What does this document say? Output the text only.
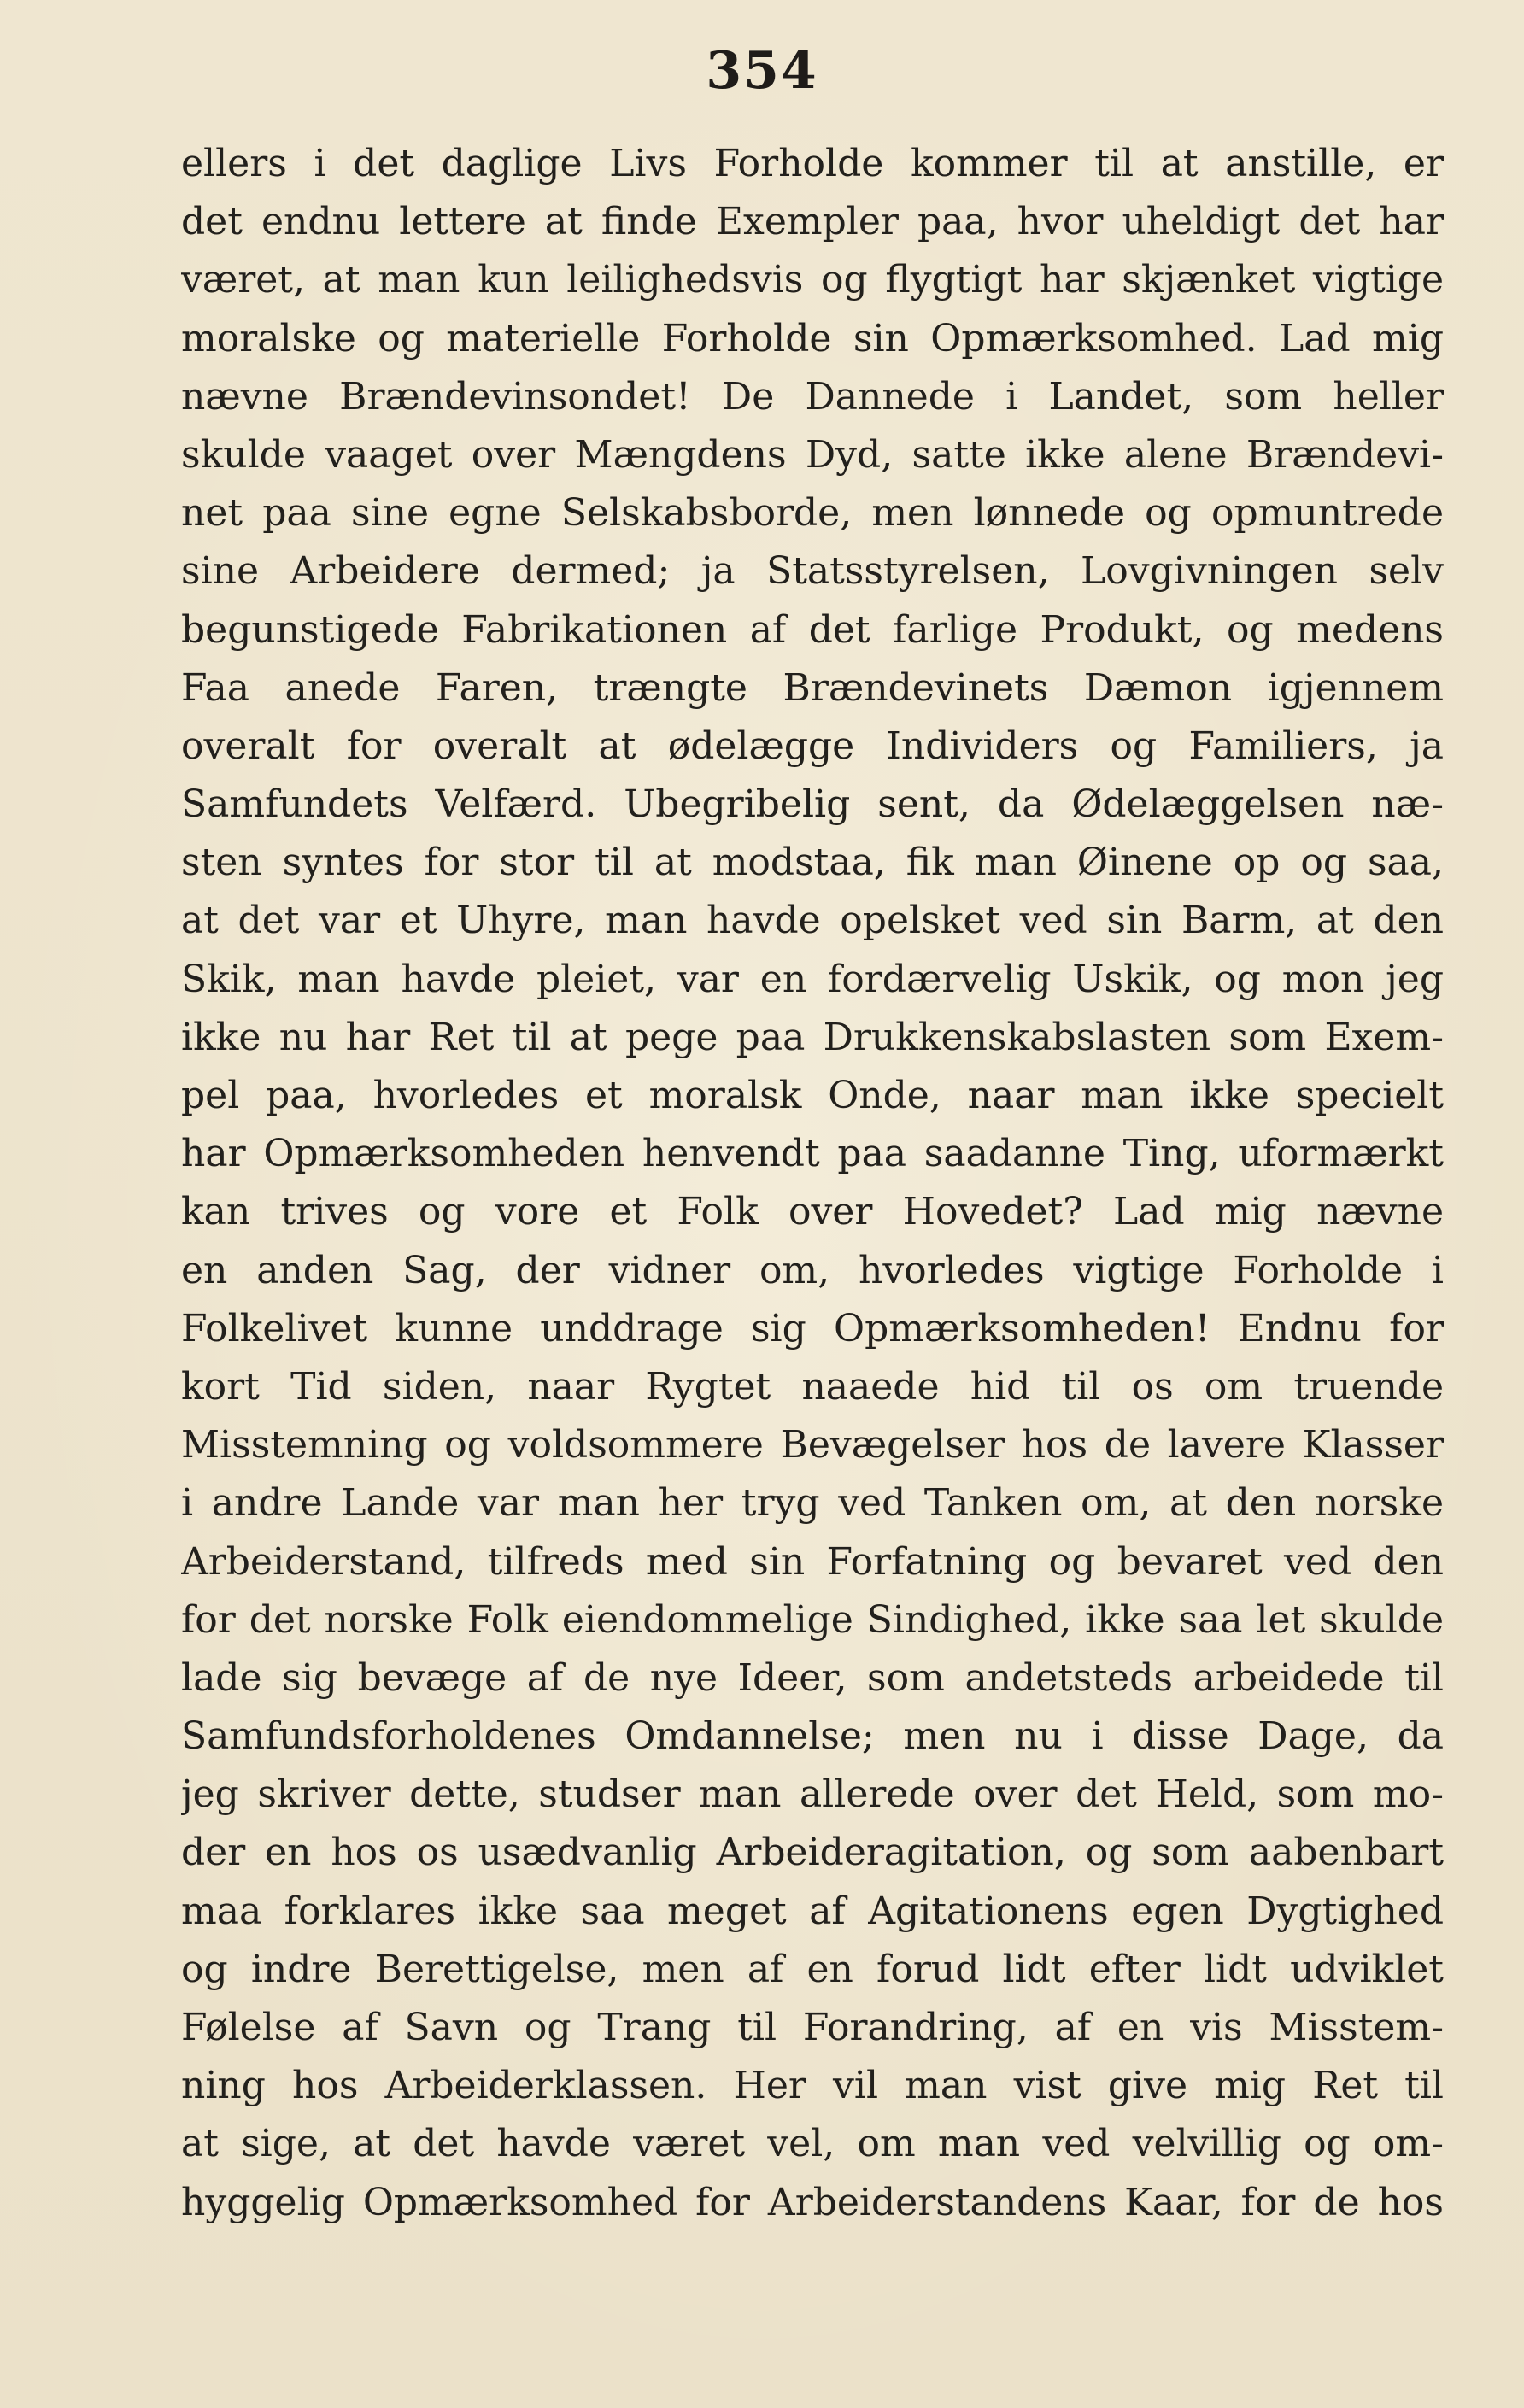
354
ellers i det daglige Livs Forholde kommer til at anstille, er
det endnu lettere at finde Exempler paa, hvor uheldigt det har
været, at man kun leilighedsvis og flygtigt har skjænket vigtige
moralske og materielle Forholde sin Opmærksomhed. Lad mig
nævne Brændevinsondet! De Dannede i Landet, som heller
skulde vaaget over Mængdens Dyd, satte ikke alene Brændevi-
net paa sine egne Selskabsborde, men lønnede og opmuntrede
sine Arbeidere dermed; ja Statsstyrelsen, Lovgivningen selv
begunstigede Fabrikationen af det farlige Produkt, og medens
Faa anede Faren, trængte Brændevinets Dæmon igjennem
overalt for overalt at ødelægge Individers og Familiers, ja
Samfundets Velfærd. Ubegribelig sent, da Ødelæggelsen næ-
sten syntes for stor til at modstaa, fik man Øinene op og saa,
at det var et Uhyre, man havde opelsket ved sin Barm, at den
Skik, man havde pleiet, var en fordærvelig Uskik, og mon jeg
ikke nu har Ret til at pege paa Drukkenskabslasten som Exem-
pel paa, hvorledes et moralsk Onde, naar man ikke specielt
har Opmærksomheden henvendt paa saadanne Ting, uformærkt
kan trives og vore et Folk over Hovedet? Lad mig nævne
en anden Sag, der vidner om, hvorledes vigtige Forholde i
Folkelivet kunne unddrage sig Opmærksomheden! Endnu for
kort Tid siden, naar Rygtet naaede hid til os om truende
Misstemning og voldsommere Bevægelser hos de lavere Klasser
i andre Lande var man her tryg ved Tanken om, at den norske
Arbeiderstand, tilfreds med sin Forfatning og bevaret ved den
for det norske Folk eiendommelige Sindighed, ikke saa let skulde
lade sig bevæge af de nye Ideer, som andetsteds arbeidede til
Samfundsforholdenes Omdannelse; men nu i disse Dage, da
jeg skriver dette, studser man allerede over det Held, som mo-
der en hos os usædvanlig Arbeideragitation, og som aabenbart
maa forklares ikke saa meget af Agitationens egen Dygtighed
og indre Berettigelse, men af en forud lidt efter lidt udviklet
Følelse af Savn og Trang til Forandring, af en vis Misstem-
ning hos Arbeiderklassen. Her vil man vist give mig Ret til
at sige, at det havde været vel, om man ved velvillig og om-
hyggelig Opmærksomhed for Arbeiderstandens Kaar, for de hos
